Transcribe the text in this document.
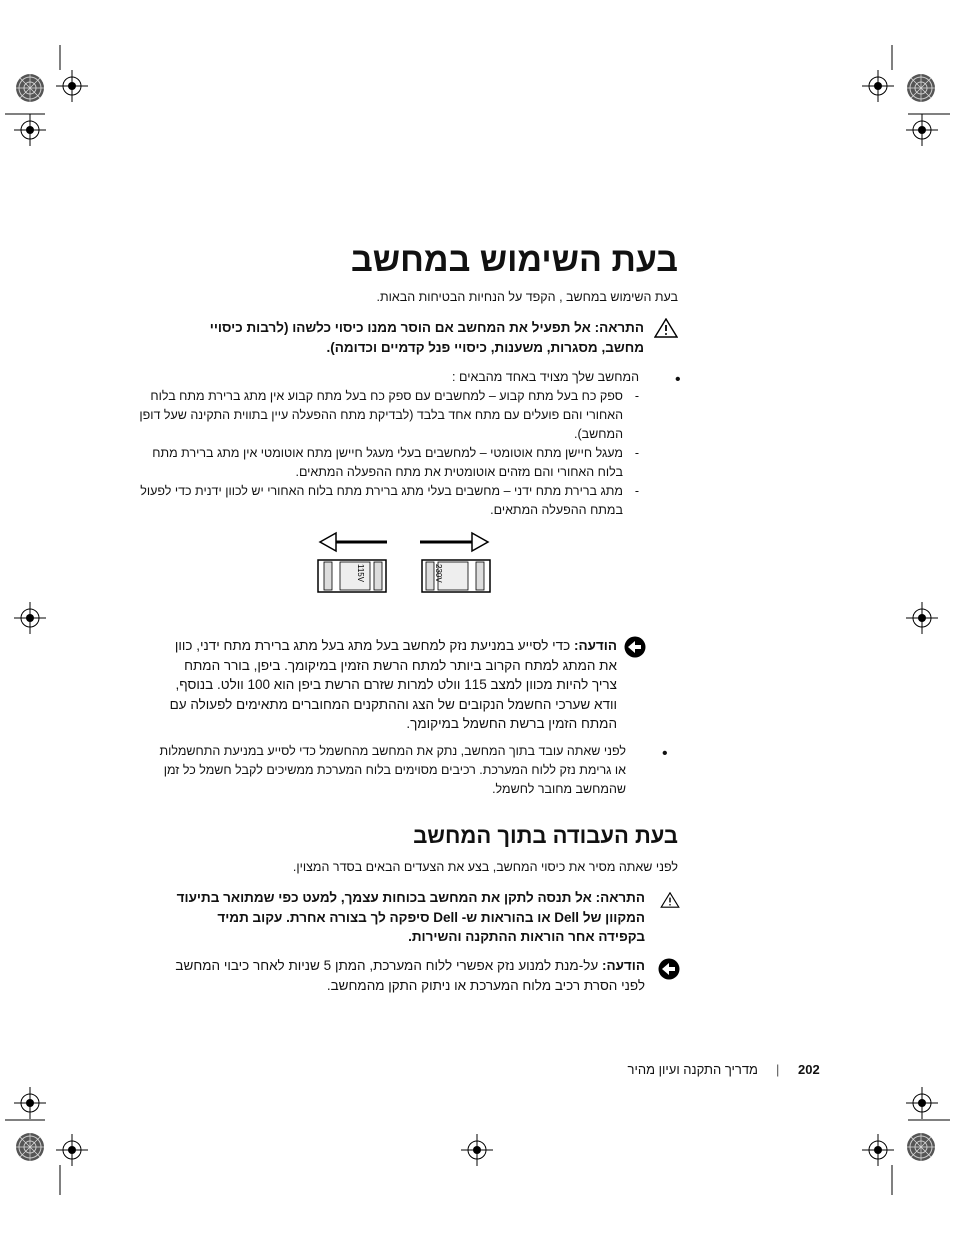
בעת השימוש במחשב
בעת השימוש במחשב , הקפד על הנחיות הבטיחות הבאות.
התראה: אל תפעיל את המחשב אם הוסר ממנו כיסוי כלשהו (לרבות כיסויי מחשב, מסגרות, משענות, כיסויי פנל קדמיים וכדומה).
•
המחשב שלך מצויד באחד מהבאים :
-
ספק כח בעל מתח קבוע – למחשבים עם ספק כח בעל מתח קבוע אין מתג ברירת מתח בלוח האחורי והם פועלים עם מתח אחד בלבד (לבדיקת מתח ההפעלה עיין בתווית התקינה שעל דופן המחשב).
-
מעגל חיישן מתח אוטומטי – למחשבים בעלי מעגל חיישן מתח אוטומטי אין מתג ברירת מתח בלוח האחורי והם מזהים אוטומטית את מתח ההפעלה המתאים.
-
מתג ברירת מתח ידני – מחשבים בעלי מתג ברירת מתח בלוח האחורי יש לכוון ידנית כדי לפעול במתח ההפעלה המתאים.
115V	230V
הודעה: כדי לסייע במניעת נזק למחשב בעל מתג בעל מתג ברירת מתח ידני, כוון את המתג למתח הקרוב ביותר למתח הרשת הזמין במיקומך. ביפן, בורר המתח צריך להיות מכוון למצב 115 וולט למרות שזרם הרשת ביפן הוא 100 וולט. בנוסף, וודא שערכי החשמל הנקובים של הצג וההתקנים המחוברים מתאימים לפעולה עם המתח הזמין ברשת החשמל במיקומך.
•
לפני שאתה עובד בתוך המחשב, נתק את המחשב מהחשמל כדי לסייע במניעת התחשמלות או גרימת נזק ללוח המערכת. רכיבים מסוימים בלוח המערכת ממשיכים לקבל חשמל כל זמן שהמחשב מחובר לחשמל.
בעת העבודה בתוך המחשב
לפני שאתה מסיר את כיסוי המחשב, בצע את הצעדים הבאים בסדר המצוין.
התראה: אל תנסה לתקן את המחשב בכוחות עצמך, למעט כפי שמתואר בתיעוד המקוון של Dell או בהוראות ש- Dell סיפקה לך בצורה אחרת. עקוב תמיד בקפידה אחר הוראות ההתקנה והשירות.
הודעה: על-מנת למנוע נזק אפשרי ללוח המערכת, המתן 5 שניות לאחר כיבוי המחשב לפני הסרת רכיב מלוח המערכת או ניתוק התקן מהמחשב.
202
|
מדריך התקנה ועיון מהיר
